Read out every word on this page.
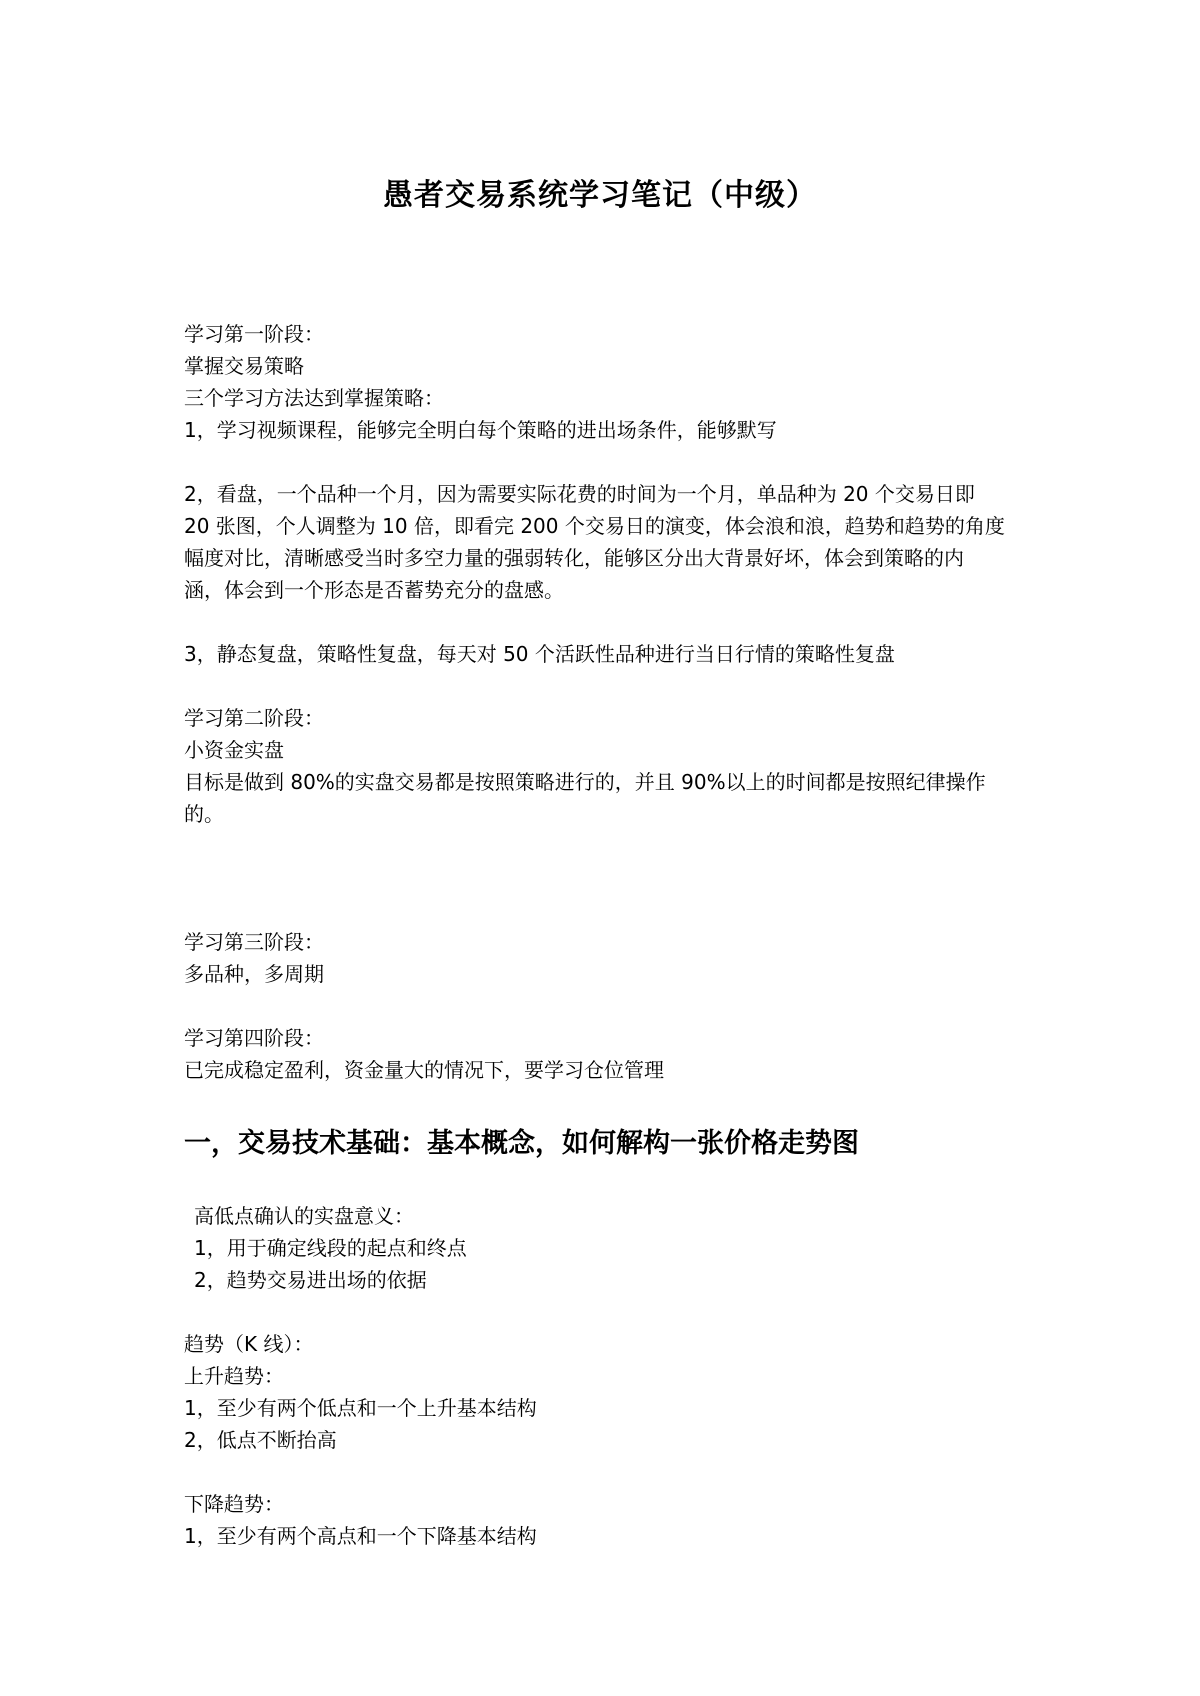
愚者交易系统学习笔记（中级）
学习第一阶段：
掌握交易策略
三个学习方法达到掌握策略：
1，学习视频课程，能够完全明白每个策略的进出场条件，能够默写
2，看盘，一个品种一个月，因为需要实际花费的时间为一个月，单品种为 20 个交易日即
20 张图，个人调整为 10 倍，即看完 200 个交易日的演变，体会浪和浪，趋势和趋势的角度
幅度对比，清晰感受当时多空力量的强弱转化，能够区分出大背景好坏，体会到策略的内
涵，体会到一个形态是否蓄势充分的盘感。
3，静态复盘，策略性复盘，每天对 50 个活跃性品种进行当日行情的策略性复盘
学习第二阶段：
小资金实盘
目标是做到 80%的实盘交易都是按照策略进行的，并且 90%以上的时间都是按照纪律操作
的。
学习第三阶段：
多品种，多周期
学习第四阶段：
已完成稳定盈利，资金量大的情况下，要学习仓位管理
一，交易技术基础：基本概念，如何解构一张价格走势图
高低点确认的实盘意义：
1，用于确定线段的起点和终点
2，趋势交易进出场的依据
趋势（K 线）：
上升趋势：
1，至少有两个低点和一个上升基本结构
2，低点不断抬高
下降趋势：
1，至少有两个高点和一个下降基本结构
